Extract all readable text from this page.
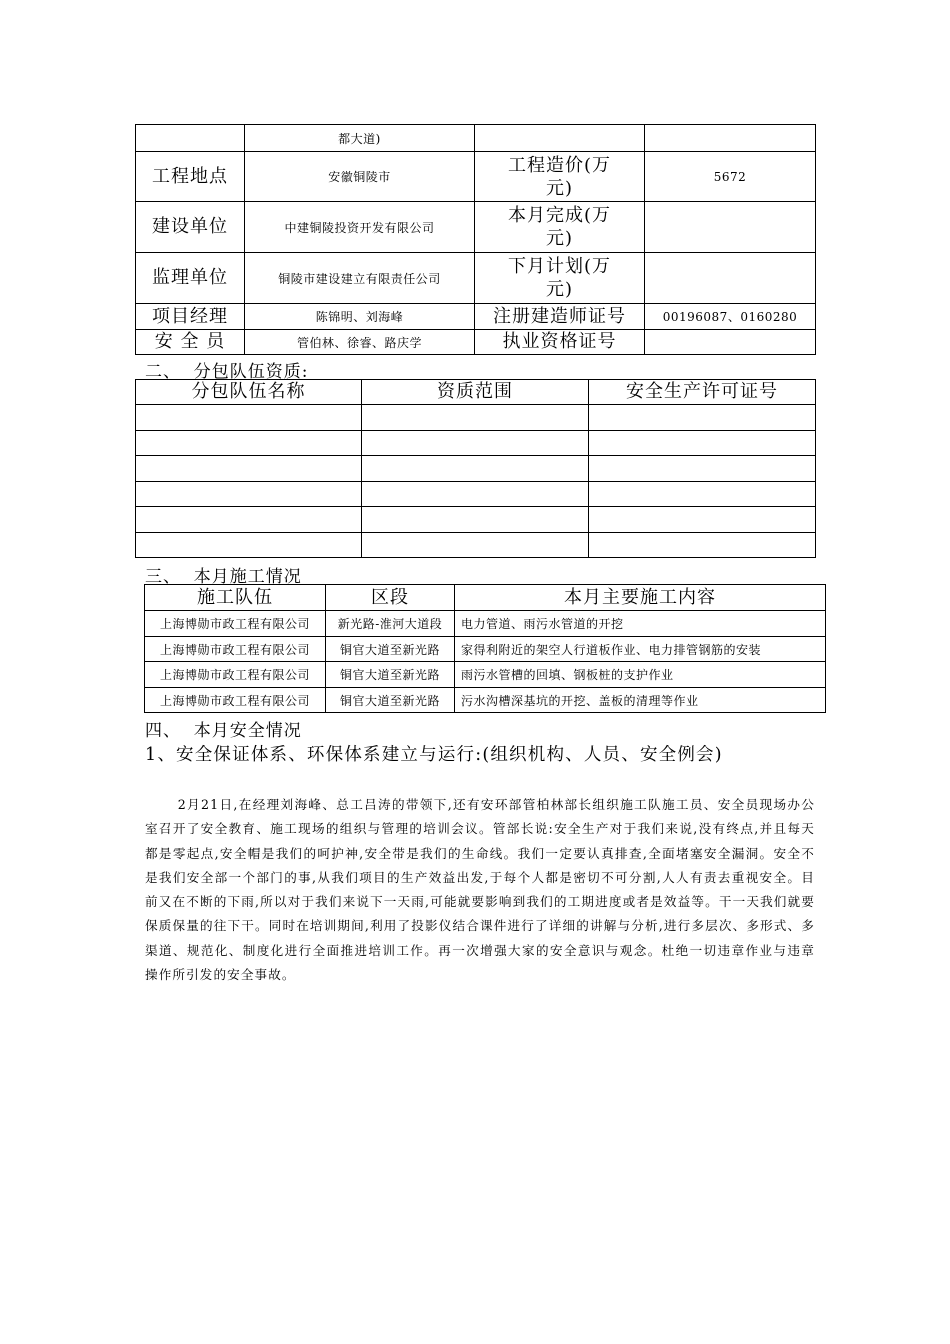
	都大道)		
工程地点	安徽铜陵市	工程造价(万
元)	5672
建设单位	中建铜陵投资开发有限公司	本月完成(万
元)	
监理单位	铜陵市建设建立有限责任公司	下月计划(万
元)	
项目经理	陈锦明、刘海峰	注册建造师证号	00196087、0160280
安 全 员	管伯林、徐睿、路庆学	执业资格证号	
二、  分包队伍资质:
分包队伍名称	资质范围	安全生产许可证号

三、  本月施工情况
施工队伍	区段	本月主要施工内容
上海博勋市政工程有限公司	新光路-淮河大道段	电力管道、雨污水管道的开挖
上海博勋市政工程有限公司	铜官大道至新光路	家得利附近的架空人行道板作业、电力排管钢筋的安装
上海博勋市政工程有限公司	铜官大道至新光路	雨污水管槽的回填、钢板桩的支护作业
上海博勋市政工程有限公司	铜官大道至新光路	污水沟槽深基坑的开挖、盖板的清理等作业
四、  本月安全情况
1、安全保证体系、环保体系建立与运行:(组织机构、人员、安全例会)

2月21日,在经理刘海峰、总工吕涛的带领下,还有安环部管柏林部长组织施工队施工员、安全员现场办公室召开了安全教育、施工现场的组织与管理的培训会议。管部长说:安全生产对于我们来说,没有终点,并且每天都是零起点,安全帽是我们的呵护神,安全带是我们的生命线。我们一定要认真排查,全面堵塞安全漏洞。安全不是我们安全部一个部门的事,从我们项目的生产效益出发,于每个人都是密切不可分割,人人有责去重视安全。目前又在不断的下雨,所以对于我们来说下一天雨,可能就要影响到我们的工期进度或者是效益等。干一天我们就要保质保量的往下干。同时在培训期间,利用了投影仪结合课件进行了详细的讲解与分析,进行多层次、多形式、多渠道、规范化、制度化进行全面推进培训工作。再一次增强大家的安全意识与观念。杜绝一切违章作业与违章操作所引发的安全事故。
